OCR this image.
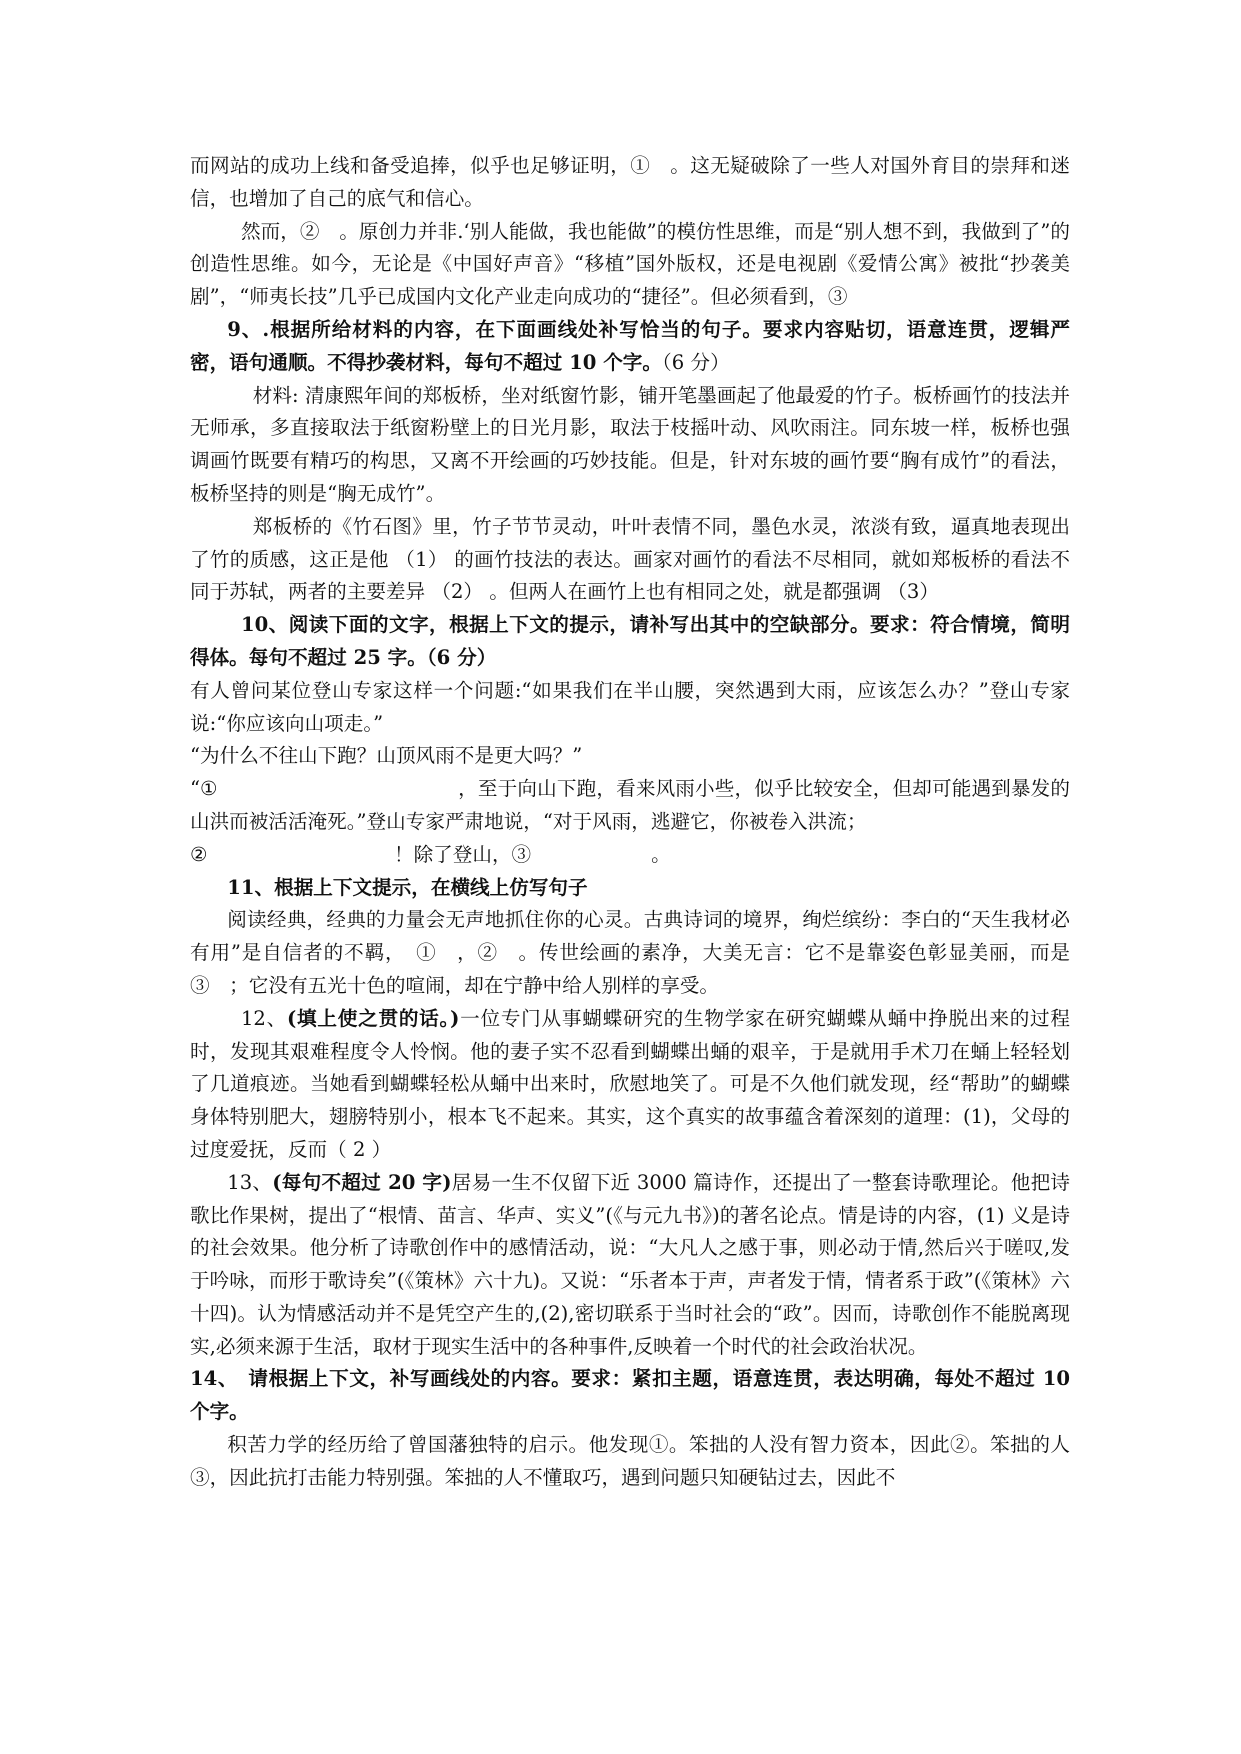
而网站的成功上线和备受追捧，似乎也足够证明，①　。这无疑破除了一些人对国外育目的崇拜和迷信，也增加了自己的底气和信心。

然而，②　。原创力并非.‘别人能做，我也能做”的模仿性思维，而是“别人想不到，我做到了”的创造性思维。如今，无论是《中国好声音》“移植”国外版权，还是电视剧《爱情公寓》被批“抄袭美剧”，“师夷长技”几乎已成国内文化产业走向成功的“捷径”。但必须看到，③

9、.根据所给材料的内容，在下面画线处补写恰当的句子。要求内容贴切，语意连贯，逻辑严密，语句通顺。不得抄袭材料，每句不超过 10 个字。（6 分）

材料: 清康熙年间的郑板桥，坐对纸窗竹影，铺开笔墨画起了他最爱的竹子。板桥画竹的技法并无师承，多直接取法于纸窗粉壁上的日光月影，取法于枝摇叶动、风吹雨注。同东坡一样，板桥也强调画竹既要有精巧的构思，又离不开绘画的巧妙技能。但是，针对东坡的画竹要“胸有成竹”的看法，板桥坚持的则是“胸无成竹”。

郑板桥的《竹石图》里，竹子节节灵动，叶叶表情不同，墨色水灵，浓淡有致，逼真地表现出了竹的质感，这正是他 （1） 的画竹技法的表达。画家对画竹的看法不尽相同，就如郑板桥的看法不同于苏轼，两者的主要差异 （2） 。但两人在画竹上也有相同之处，就是都强调 （3）

10、阅读下面的文字，根据上下文的提示，请补写出其中的空缺部分。要求：符合情境，简明得体。每句不超过 25 字。（6 分）

有人曾问某位登山专家这样一个问题:“如果我们在半山腰，突然遇到大雨，应该怎么办？”登山专家说:“你应该向山项走。”

“为什么不往山下跑？山顶风雨不是更大吗？”

“①	，至于向山下跑，看来风雨小些，似乎比较安全，但却可能遇到暴发的山洪而被活活淹死。”登山专家严肃地说，“对于风雨，逃避它，你被卷入洪流；

②	！除了登山，③	。

11、根据上下文提示，在横线上仿写句子

阅读经典，经典的力量会无声地抓住你的心灵。古典诗词的境界，绚烂缤纷：李白的“天生我材必有用”是自信者的不羁，　①　，②　。传世绘画的素净，大美无言：它不是靠姿色彰显美丽，而是　③　；它没有五光十色的喧闹，却在宁静中给人别样的享受。

12、(填上使之贯的话。)一位专门从事蝴蝶研究的生物学家在研究蝴蝶从蛹中挣脱出来的过程时，发现其艰难程度令人怜悯。他的妻子实不忍看到蝴蝶出蛹的艰辛，于是就用手术刀在蛹上轻轻划了几道痕迹。当她看到蝴蝶轻松从蛹中出来时，欣慰地笑了。可是不久他们就发现，经“帮助”的蝴蝶身体特别肥大，翅膀特别小，根本飞不起来。其实，这个真实的故事蕴含着深刻的道理：(1)，父母的过度爱抚，反而（ 2 ）

13、(每句不超过 20 字)居易一生不仅留下近 3000 篇诗作，还提出了一整套诗歌理论。他把诗歌比作果树，提出了“根情、苗言、华声、实义”(《与元九书》)的著名论点。情是诗的内容，(1) 义是诗的社会效果。他分析了诗歌创作中的感情活动，说：“大凡人之感于事，则必动于情,然后兴于嗟叹,发于吟咏，而形于歌诗矣”(《策林》六十九)。又说：“乐者本于声，声者发于情，情者系于政”(《策林》六十四)。认为情感活动并不是凭空产生的,(2),密切联系于当时社会的“政”。因而，诗歌创作不能脱离现实,必须来源于生活，取材于现实生活中的各种事件,反映着一个时代的社会政治状况。

14、　请根据上下文，补写画线处的内容。要求：紧扣主题，语意连贯，表达明确，每处不超过 10 个字。

积苦力学的经历给了曾国藩独特的启示。他发现①。笨拙的人没有智力资本，因此②。笨拙的人③，因此抗打击能力特别强。笨拙的人不懂取巧，遇到问题只知硬钻过去，因此不
